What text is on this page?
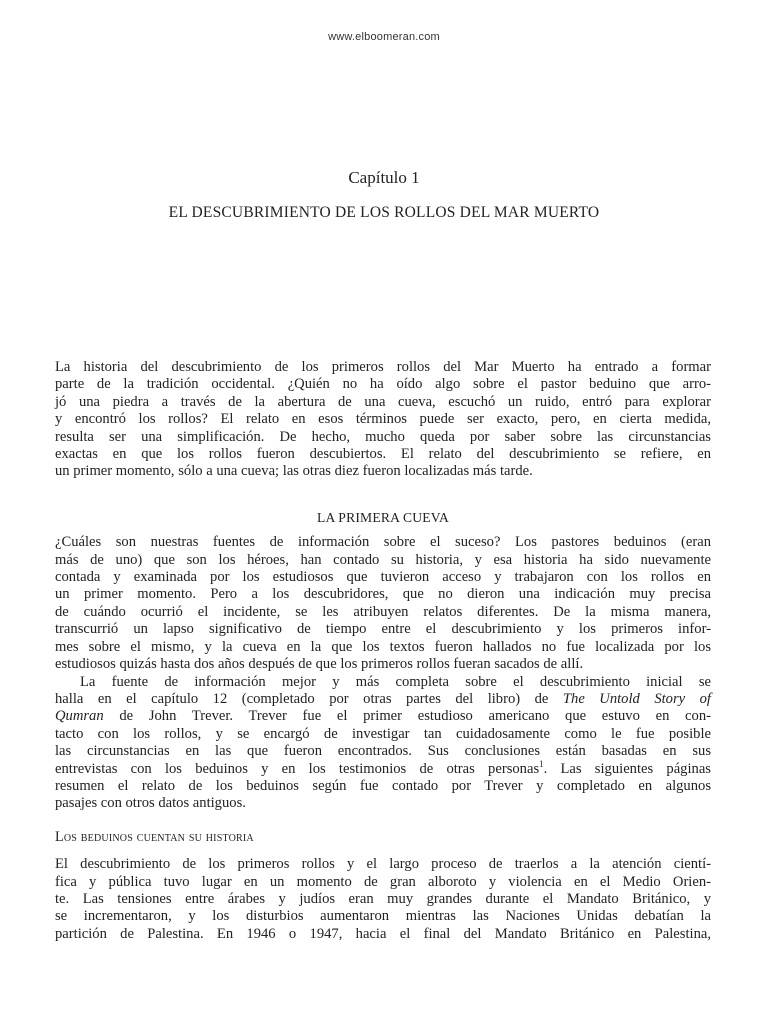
www.elboomeran.com
Capítulo 1
EL DESCUBRIMIENTO DE LOS ROLLOS DEL MAR MUERTO
La historia del descubrimiento de los primeros rollos del Mar Muerto ha entrado a formar
parte de la tradición occidental. ¿Quién no ha oído algo sobre el pastor beduino que arro-
jó una piedra a través de la abertura de una cueva, escuchó un ruido, entró para explorar
y encontró los rollos? El relato en esos términos puede ser exacto, pero, en cierta medida,
resulta ser una simplificación. De hecho, mucho queda por saber sobre las circunstancias
exactas en que los rollos fueron descubiertos. El relato del descubrimiento se refiere, en
un primer momento, sólo a una cueva; las otras diez fueron localizadas más tarde.
LA PRIMERA CUEVA
¿Cuáles son nuestras fuentes de información sobre el suceso? Los pastores beduinos (eran
más de uno) que son los héroes, han contado su historia, y esa historia ha sido nuevamente
contada y examinada por los estudiosos que tuvieron acceso y trabajaron con los rollos en
un primer momento. Pero a los descubridores, que no dieron una indicación muy precisa
de cuándo ocurrió el incidente, se les atribuyen relatos diferentes. De la misma manera,
transcurrió un lapso significativo de tiempo entre el descubrimiento y los primeros infor-
mes sobre el mismo, y la cueva en la que los textos fueron hallados no fue localizada por los
estudiosos quizás hasta dos años después de que los primeros rollos fueran sacados de allí.
La fuente de información mejor y más completa sobre el descubrimiento inicial se
halla en el capítulo 12 (completado por otras partes del libro) de The Untold Story of
Qumran de John Trever. Trever fue el primer estudioso americano que estuvo en con-
tacto con los rollos, y se encargó de investigar tan cuidadosamente como le fue posible
las circunstancias en las que fueron encontrados. Sus conclusiones están basadas en sus
entrevistas con los beduinos y en los testimonios de otras personas$^1$. Las siguientes páginas
resumen el relato de los beduinos según fue contado por Trever y completado en algunos
pasajes con otros datos antiguos.
Los beduinos cuentan su historia
El descubrimiento de los primeros rollos y el largo proceso de traerlos a la atención cientí-
fica y pública tuvo lugar en un momento de gran alboroto y violencia en el Medio Orien-
te. Las tensiones entre árabes y judíos eran muy grandes durante el Mandato Británico, y
se incrementaron, y los disturbios aumentaron mientras las Naciones Unidas debatían la
partición de Palestina. En 1946 o 1947, hacia el final del Mandato Británico en Palestina,
